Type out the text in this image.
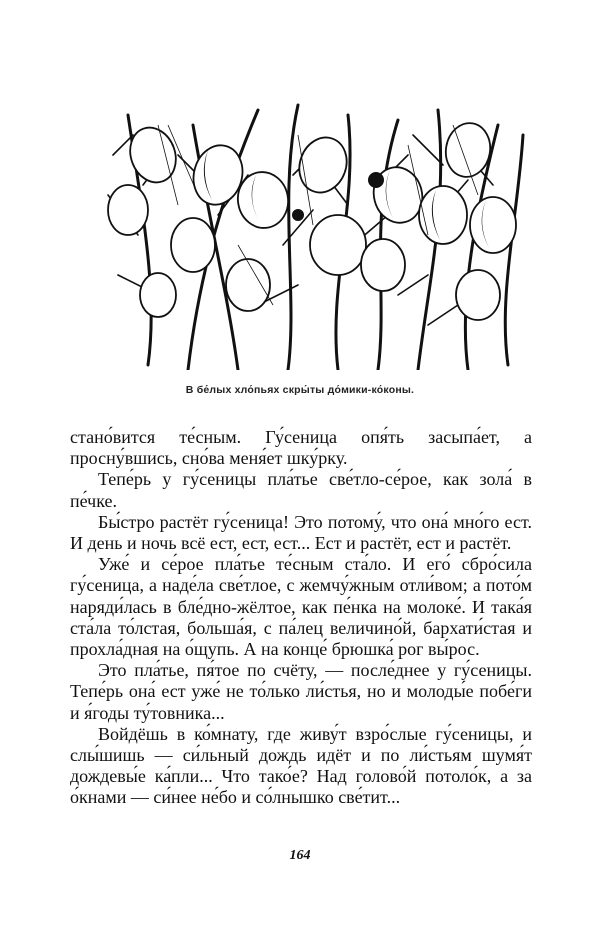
В бе́лых хло́пьях скры́ты до́мики-ко́коны.

стано́вится те́сным. Гу́сеница опя́ть засыпа́ет, а просну́вшись, сно́ва меня́ет шку́рку.

Тепе́рь у гу́сеницы пла́тье све́тло-се́рое, как зола́ в пе́чке.

Бы́стро растёт гу́сеница! Это потому́, что она́ мно́го ест. И день и ночь всё ест, ест, ест... Ест и растёт, ест и растёт.

Уже́ и се́рое пла́тье те́сным ста́ло. И его́ сбро́сила гу́сеница, а наде́ла све́тлое, с жемчу́жным отли́вом; а пото́м наряди́лась в бле́дно-жёлтое, как пе́нка на молоке́. И така́я ста́ла то́лстая, больша́я, с па́лец величино́й, бархати́стая и прохла́дная на о́щупь. А на конце́ брюшка́ рог вы́рос.

Это пла́тье, пя́тое по счёту, — после́днее у гу́сеницы. Тепе́рь она́ ест уже́ не то́лько ли́стья, но и молоды́е побе́ги и я́годы ту́товника...

Войдёшь в ко́мнату, где живу́т взро́слые гу́сеницы, и слы́шишь — си́льный дождь идёт и по ли́стьям шумя́т дождевы́е ка́пли... Что тако́е? Над голово́й потоло́к, а за о́кнами — си́нее не́бо и со́лнышко све́тит...

164
